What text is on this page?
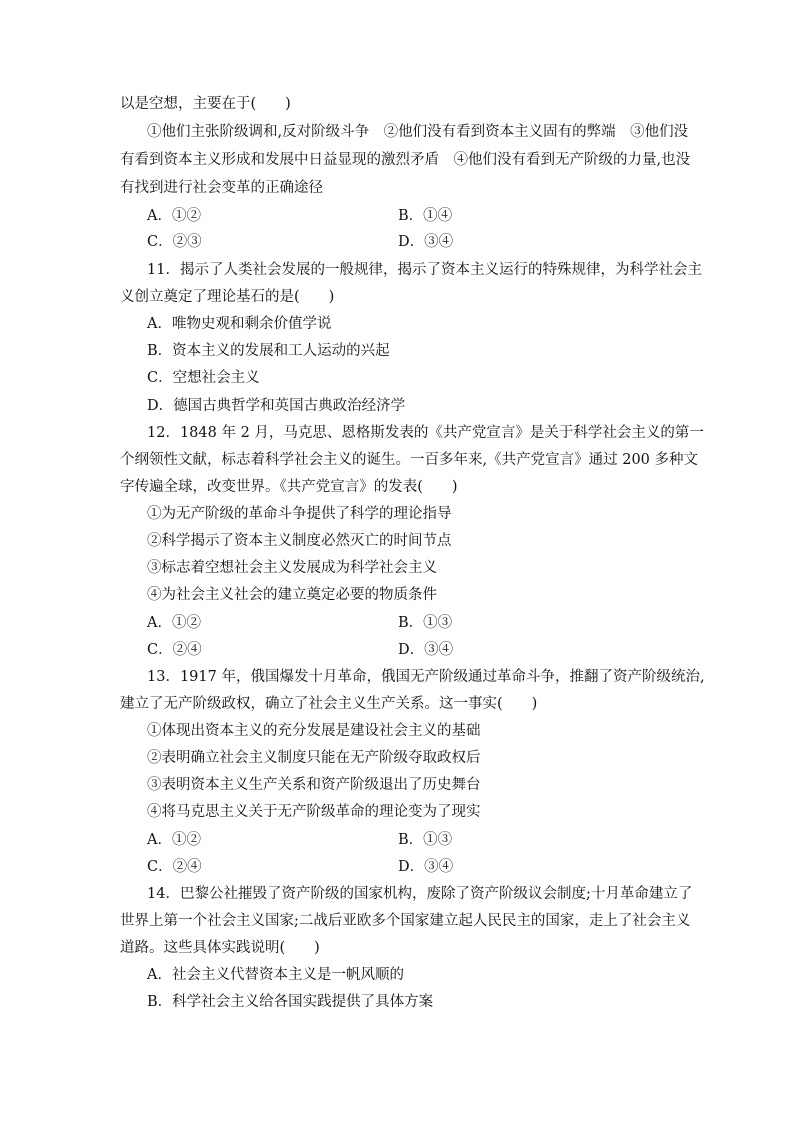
以是空想，主要在于(　　)
①他们主张阶级调和,反对阶级斗争　②他们没有看到资本主义固有的弊端　③他们没
有看到资本主义形成和发展中日益显现的激烈矛盾　④他们没有看到无产阶级的力量,也没
有找到进行社会变革的正确途径
A．①②	B．①④
C．②③	D．③④
11．揭示了人类社会发展的一般规律，揭示了资本主义运行的特殊规律，为科学社会主
义创立奠定了理论基石的是(　　)
A．唯物史观和剩余价值学说
B．资本主义的发展和工人运动的兴起
C．空想社会主义
D．德国古典哲学和英国古典政治经济学
12．1848 年 2 月，马克思、恩格斯发表的《共产党宣言》是关于科学社会主义的第一
个纲领性文献，标志着科学社会主义的诞生。一百多年来,《共产党宣言》通过 200 多种文
字传遍全球，改变世界。《共产党宣言》的发表(　　)
①为无产阶级的革命斗争提供了科学的理论指导
②科学揭示了资本主义制度必然灭亡的时间节点
③标志着空想社会主义发展成为科学社会主义
④为社会主义社会的建立奠定必要的物质条件
A．①②	B．①③
C．②④	D．③④
13．1917 年，俄国爆发十月革命，俄国无产阶级通过革命斗争，推翻了资产阶级统治,
建立了无产阶级政权，确立了社会主义生产关系。这一事实(　　)
①体现出资本主义的充分发展是建设社会主义的基础
②表明确立社会主义制度只能在无产阶级夺取政权后
③表明资本主义生产关系和资产阶级退出了历史舞台
④将马克思主义关于无产阶级革命的理论变为了现实
A．①②	B．①③
C．②④	D．③④
14．巴黎公社摧毁了资产阶级的国家机构，废除了资产阶级议会制度;十月革命建立了
世界上第一个社会主义国家;二战后亚欧多个国家建立起人民民主的国家，走上了社会主义
道路。这些具体实践说明(　　)
A．社会主义代替资本主义是一帆风顺的
B．科学社会主义给各国实践提供了具体方案
